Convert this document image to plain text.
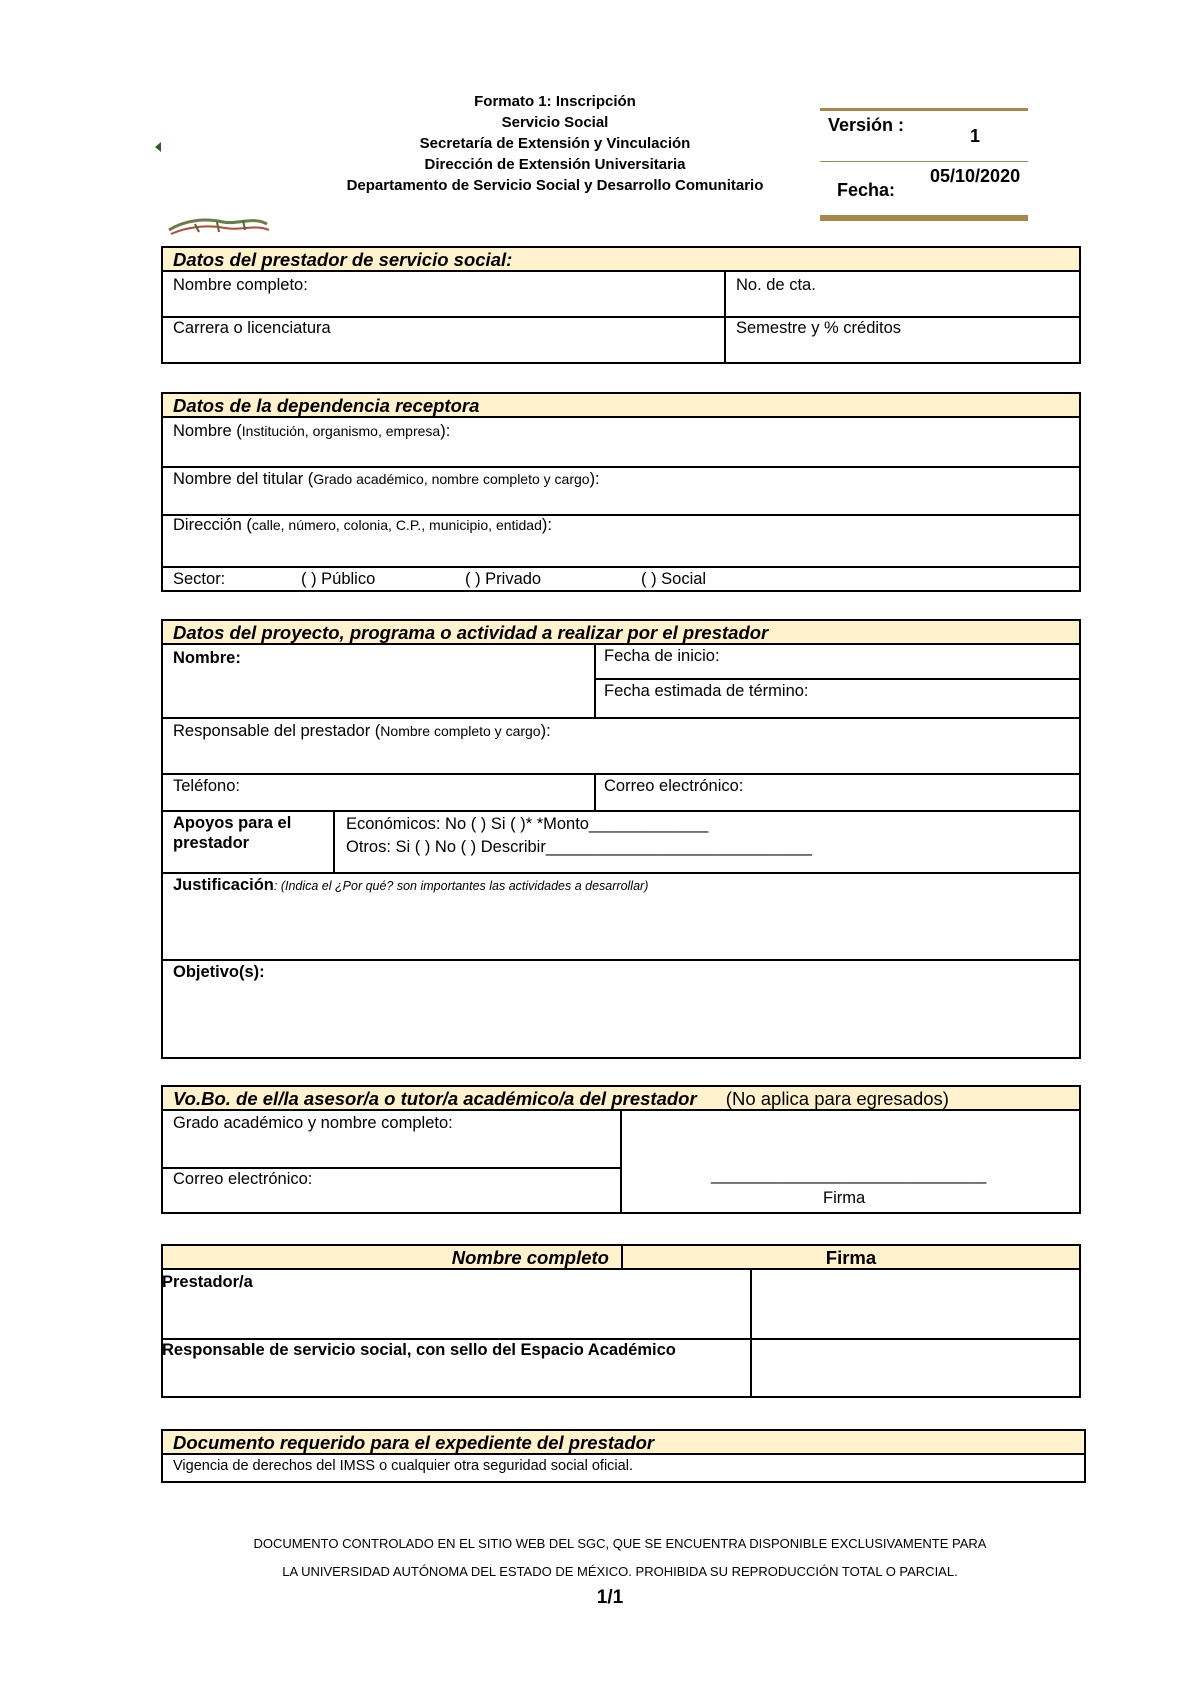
Formato 1: Inscripción
Servicio Social
Secretaría de Extensión y Vinculación
Dirección de Extensión Universitaria
Departamento de Servicio Social y Desarrollo Comunitario
Versión :
1
Fecha:
05/10/2020
Datos del prestador de servicio social:
Nombre completo:	No. de cta.
Carrera o licenciatura	Semestre y % créditos
Datos de la dependencia receptora
Nombre (Institución, organismo, empresa):
Nombre del titular (Grado académico, nombre completo y cargo):
Dirección (calle, número, colonia, C.P., municipio, entidad):
Sector:	( ) Público	( ) Privado	( ) Social
Datos del proyecto, programa o actividad a realizar por el prestador
Nombre:	Fecha de inicio:
Fecha estimada de término:
Responsable del prestador (Nombre completo y cargo):
Teléfono:	Correo electrónico:
Apoyos para el
prestador
Económicos: No ( ) Si ( )* *Monto_____________
Otros: Si ( ) No ( ) Describir_____________________________
Justificación: (Indica el ¿Por qué? son importantes las actividades a desarrollar)
Objetivo(s):
Vo.Bo. de el/la asesor/a o tutor/a académico/a del prestador (No aplica para egresados)
Grado académico y nombre completo:
Correo electrónico:	______________________________
Firma
Nombre completo	Firma
Prestador/a
Responsable de servicio social, con sello del Espacio Académico
Documento requerido para el expediente del prestador
Vigencia de derechos del IMSS o cualquier otra seguridad social oficial.
DOCUMENTO CONTROLADO EN EL SITIO WEB DEL SGC, QUE SE ENCUENTRA DISPONIBLE EXCLUSIVAMENTE PARA
LA UNIVERSIDAD AUTÓNOMA DEL ESTADO DE MÉXICO. PROHIBIDA SU REPRODUCCIÓN TOTAL O PARCIAL.
1/1
